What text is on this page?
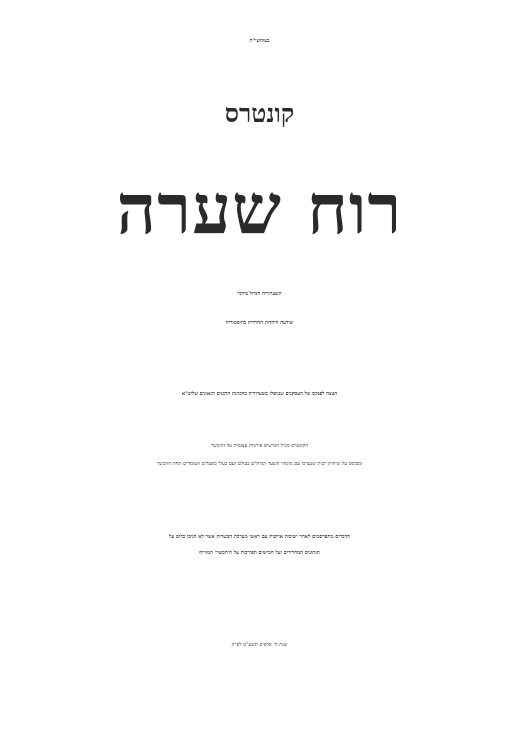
בעזהשי"ת
קונטרס
רוח שערה
השערוריה הגדול ביותר
שידעה היהדות החרדית בהיסטוריה
הצצה לפנקס של העסקנים שטיפלו בשערוריה בהכוונת הרבנים הגאונים שליט"א
הקונטרס מכיל חמישים פירכות עצומות על ההכשר
ומבוסס על שיחות רבות שנערכו עם מומחי השער הגדולים בעולם ועם בעלי מפעלים העומדים תחת ההכשר
הדברים מתפרסמים לאחר ישיבות ארוכות עם ראשי מערכת הכשרות אשר לא הגיבו כלום על
הנתונים המחרידים ועל חמישים הפירכות על ה'הכשר' המזוייף
שנת ה' אלפים תשע"ט לפ"ק
